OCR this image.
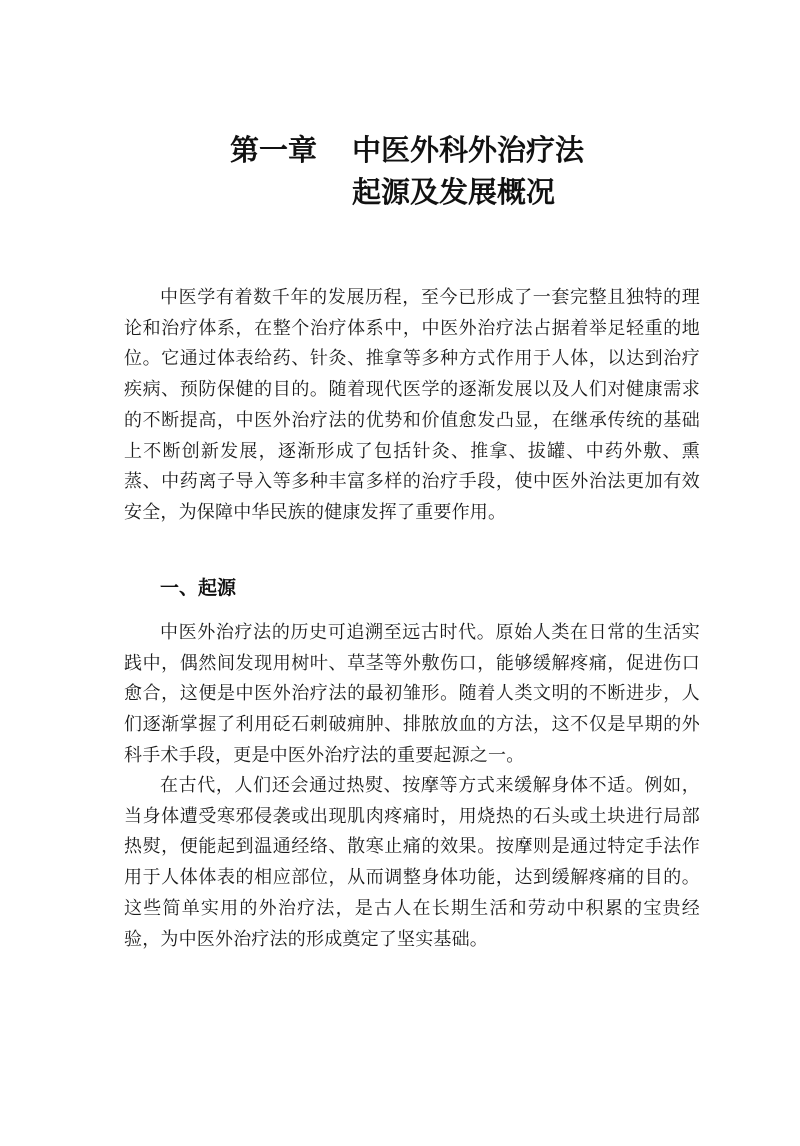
第一章 中医外科外治疗法
起源及发展概况

中医学有着数千年的发展历程，至今已形成了一套完整且独特的理论和治疗体系，在整个治疗体系中，中医外治疗法占据着举足轻重的地位。它通过体表给药、针灸、推拿等多种方式作用于人体，以达到治疗疾病、预防保健的目的。随着现代医学的逐渐发展以及人们对健康需求的不断提高，中医外治疗法的优势和价值愈发凸显，在继承传统的基础上不断创新发展，逐渐形成了包括针灸、推拿、拔罐、中药外敷、熏蒸、中药离子导入等多种丰富多样的治疗手段，使中医外治法更加有效安全，为保障中华民族的健康发挥了重要作用。

一、起源

中医外治疗法的历史可追溯至远古时代。原始人类在日常的生活实践中，偶然间发现用树叶、草茎等外敷伤口，能够缓解疼痛，促进伤口愈合，这便是中医外治疗法的最初雏形。随着人类文明的不断进步，人们逐渐掌握了利用砭石刺破痈肿、排脓放血的方法，这不仅是早期的外科手术手段，更是中医外治疗法的重要起源之一。

在古代，人们还会通过热熨、按摩等方式来缓解身体不适。例如，当身体遭受寒邪侵袭或出现肌肉疼痛时，用烧热的石头或土块进行局部热熨，便能起到温通经络、散寒止痛的效果。按摩则是通过特定手法作用于人体体表的相应部位，从而调整身体功能，达到缓解疼痛的目的。这些简单实用的外治疗法，是古人在长期生活和劳动中积累的宝贵经验，为中医外治疗法的形成奠定了坚实基础。
